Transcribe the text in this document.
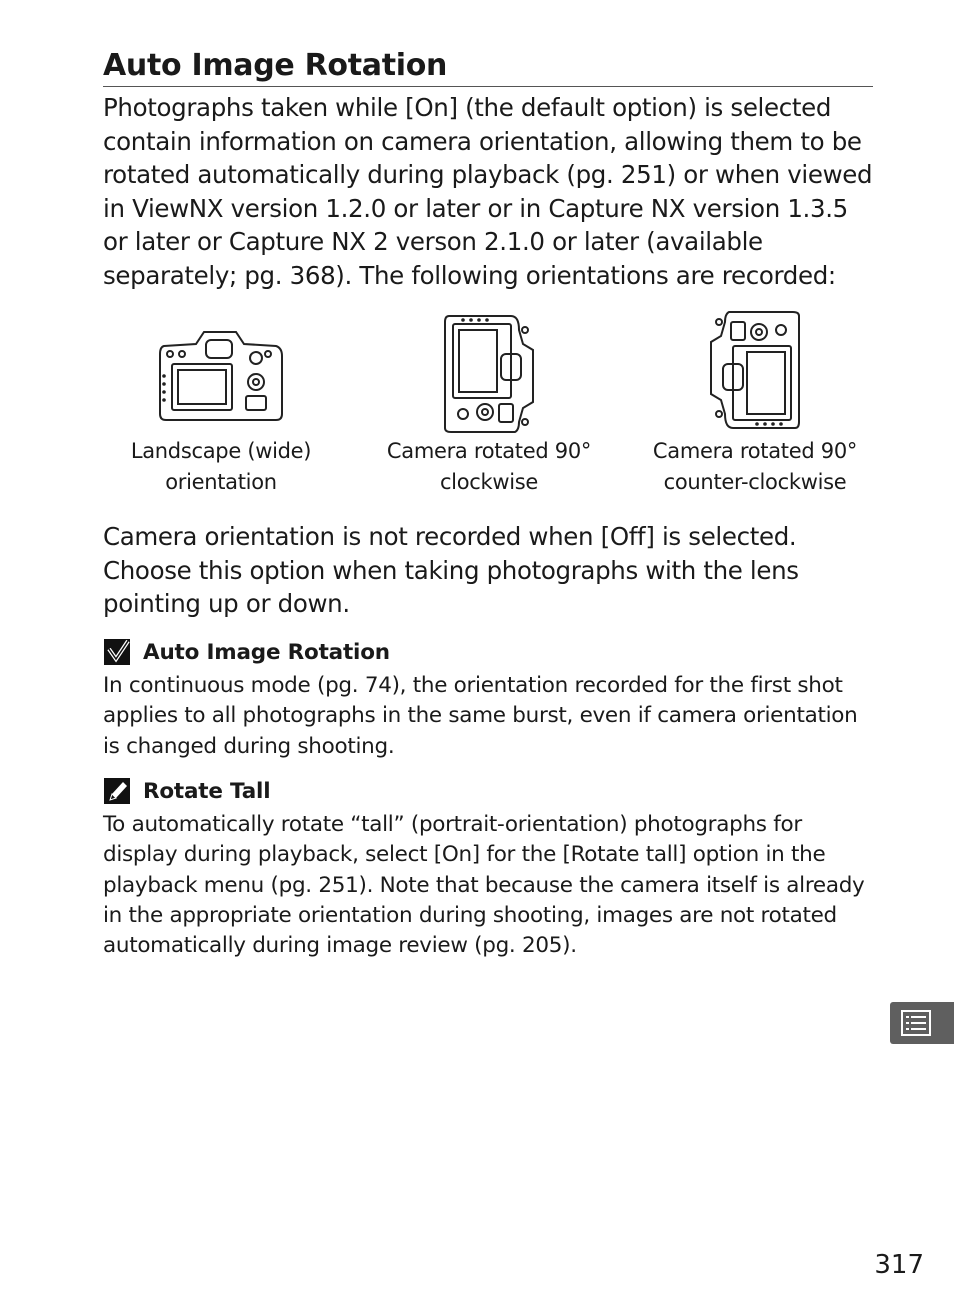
Auto Image Rotation

Photographs taken while [On] (the default option) is selected contain information on camera orientation, allowing them to be rotated automatically during playback (pg. 251) or when viewed in ViewNX version 1.2.0 or later or in Capture NX version 1.3.5 or later or Capture NX 2 verson 2.1.0 or later (available separately; pg. 368). The following orientations are recorded:

Landscape (wide)

orientation

Camera rotated 90°

clockwise

Camera rotated 90°

counter-clockwise

Camera orientation is not recorded when [Off] is selected. Choose this option when taking photographs with the lens pointing up or down.

Auto Image Rotation

In continuous mode (pg. 74), the orientation recorded for the first shot applies to all photographs in the same burst, even if camera orientation is changed during shooting.

Rotate Tall

To automatically rotate “tall” (portrait-orientation) photographs for display during playback, select [On] for the [Rotate tall] option in the playback menu (pg. 251). Note that because the camera itself is already in the appropriate orientation during shooting, images are not rotated automatically during image review (pg. 205).

317
